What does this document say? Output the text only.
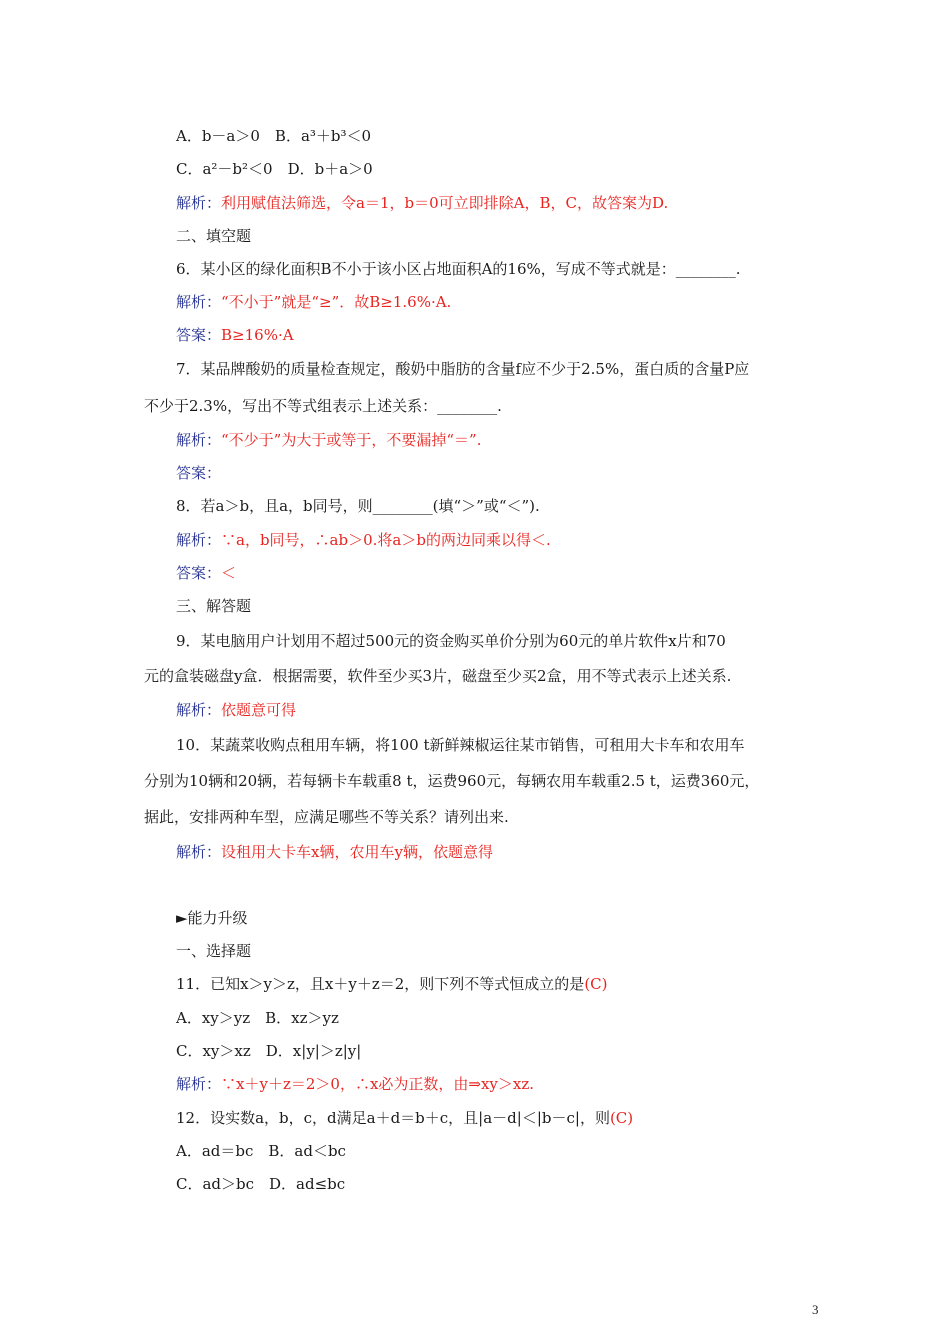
A．b－a＞0　B．a³＋b³＜0
C．a²－b²＜0　D．b＋a＞0
解析：利用赋值法筛选，令a＝1，b＝0可立即排除A，B，C，故答案为D.
二、填空题
6．某小区的绿化面积B不小于该小区占地面积A的16%，写成不等式就是：________.
解析：“不小于”就是“≥”．故B≥1.6%·A.
答案：B≥16%·A
7．某品牌酸奶的质量检查规定，酸奶中脂肪的含量f应不少于2.5%，蛋白质的含量P应
不少于2.3%，写出不等式组表示上述关系：________.
解析：“不少于”为大于或等于，不要漏掉“＝”.
答案：
8．若a＞b，且a，b同号，则________(填“＞”或“＜”).
解析：∵a，b同号，∴ab＞0.将a＞b的两边同乘以得＜.
答案：＜
三、解答题
9．某电脑用户计划用不超过500元的资金购买单价分别为60元的单片软件x片和70
元的盒装磁盘y盒．根据需要，软件至少买3片，磁盘至少买2盒，用不等式表示上述关系.
解析：依题意可得
10．某蔬菜收购点租用车辆，将100 t新鲜辣椒运往某市销售，可租用大卡车和农用车
分别为10辆和20辆，若每辆卡车载重8 t，运费960元，每辆农用车载重2.5 t，运费360元，
据此，安排两种车型，应满足哪些不等关系？请列出来.
解析：设租用大卡车x辆，农用车y辆，依题意得
►能力升级
一、选择题
11．已知x＞y＞z，且x＋y＋z＝2，则下列不等式恒成立的是(C)
A．xy＞yz　B．xz＞yz
C．xy＞xz　D．x|y|＞z|y|
解析：∵x＋y＋z＝2＞0，∴x必为正数，由⇒xy＞xz.
12．设实数a，b，c，d满足a＋d＝b＋c，且|a－d|＜|b－c|，则(C)
A．ad＝bc　B．ad＜bc
C．ad＞bc　D．ad≤bc
3
